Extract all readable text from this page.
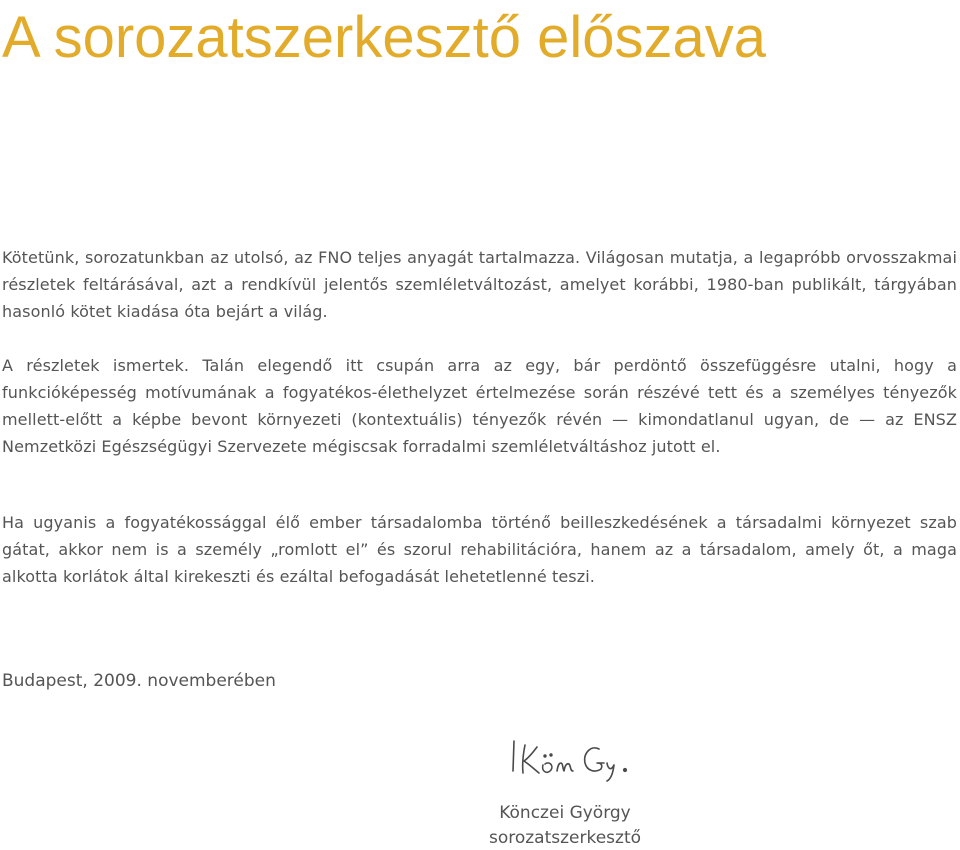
A sorozatszerkesztő előszava

Kötetünk, sorozatunkban az utolsó, az FNO teljes anyagát tartalmazza. Világosan mutatja, a legapróbb orvosszakmai részletek feltárásával, azt a rendkívül jelentős szemléletváltozást, amelyet korábbi, 1980-ban publikált, tárgyában hasonló kötet kiadása óta bejárt a világ.

A részletek ismertek. Talán elegendő itt csupán arra az egy, bár perdöntő összefüggésre utalni, hogy a funkcióképesség motívumának a fogyatékos-élethelyzet értelmezése során részévé tett és a személyes tényezők mellett-előtt a képbe bevont környezeti (kontextuális) tényezők révén — kimondatlanul ugyan, de — az ENSZ Nemzetközi Egészségügyi Szervezete mégiscsak forradalmi szemléletváltáshoz jutott el.

Ha ugyanis a fogyatékossággal élő ember társadalomba történő beilleszkedésének a társadalmi környezet szab gátat, akkor nem is a személy „romlott el” és szorul rehabilitációra, hanem az a társadalom, amely őt, a maga alkotta korlátok által kirekeszti és ezáltal befogadását lehetetlenné teszi.

Budapest, 2009. novemberében

Könczei György

sorozatszerkesztő
